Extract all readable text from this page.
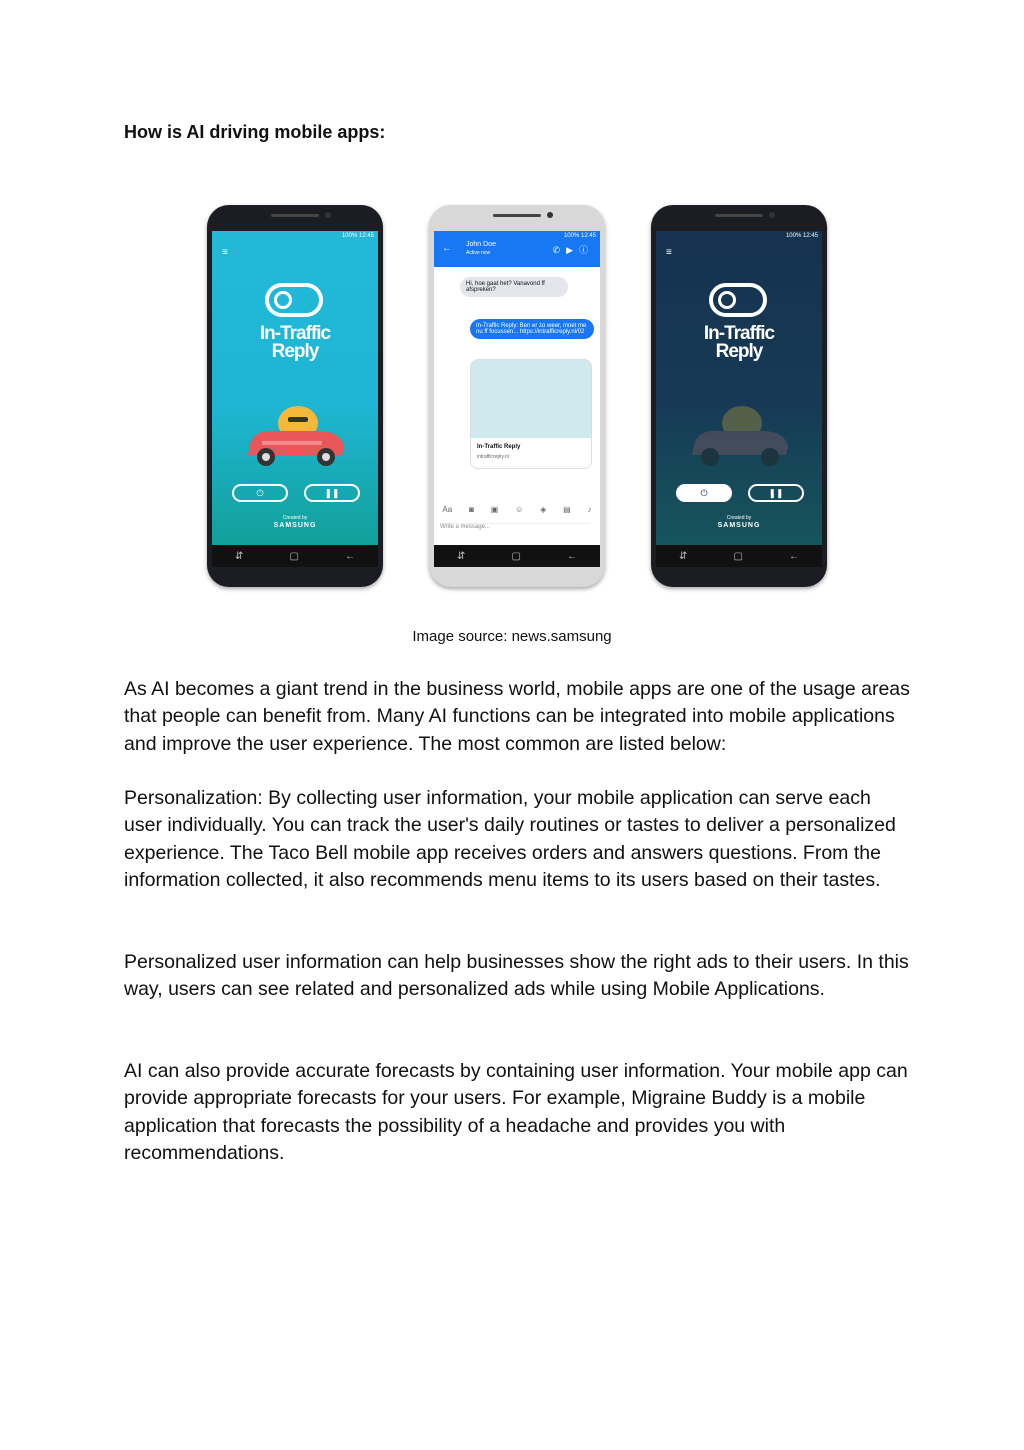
How is AI driving mobile apps:
100% 12:45
≡
In-Traffic
Reply
⏻	❚❚
Created by
SAMSUNG
⇵	▢	←
100% 12:45
← John Doe
Active now	✆▶ⓘ
Hi, hoe gaat het? Vanavond ff afspreken?
In-Traffic Reply: Ben er zo weer, moet me nu ff focussen... https://intrafficreply.nl/02
In-Traffic Reply
intrafficreply.nl
Aa ◙ ▣ ☺ ◈ ▤ ♪
Write a message...
⇵	▢	←
100% 12:45
≡
In-Traffic
Reply
⏻	❚❚
Created by
SAMSUNG
⇵	▢	←

Image source: news.samsung

As AI becomes a giant trend in the business world, mobile apps are one of the usage areas that people can benefit from. Many AI functions can be integrated into mobile applications and improve the user experience. The most common are listed below:

Personalization: By collecting user information, your mobile application can serve each user individually. You can track the user's daily routines or tastes to deliver a personalized experience. The Taco Bell mobile app receives orders and answers questions. From the information collected, it also recommends menu items to its users based on their tastes.

Personalized user information can help businesses show the right ads to their users. In this way, users can see related and personalized ads while using Mobile Applications.

AI can also provide accurate forecasts by containing user information. Your mobile app can provide appropriate forecasts for your users. For example, Migraine Buddy is a mobile application that forecasts the possibility of a headache and provides you with recommendations.
